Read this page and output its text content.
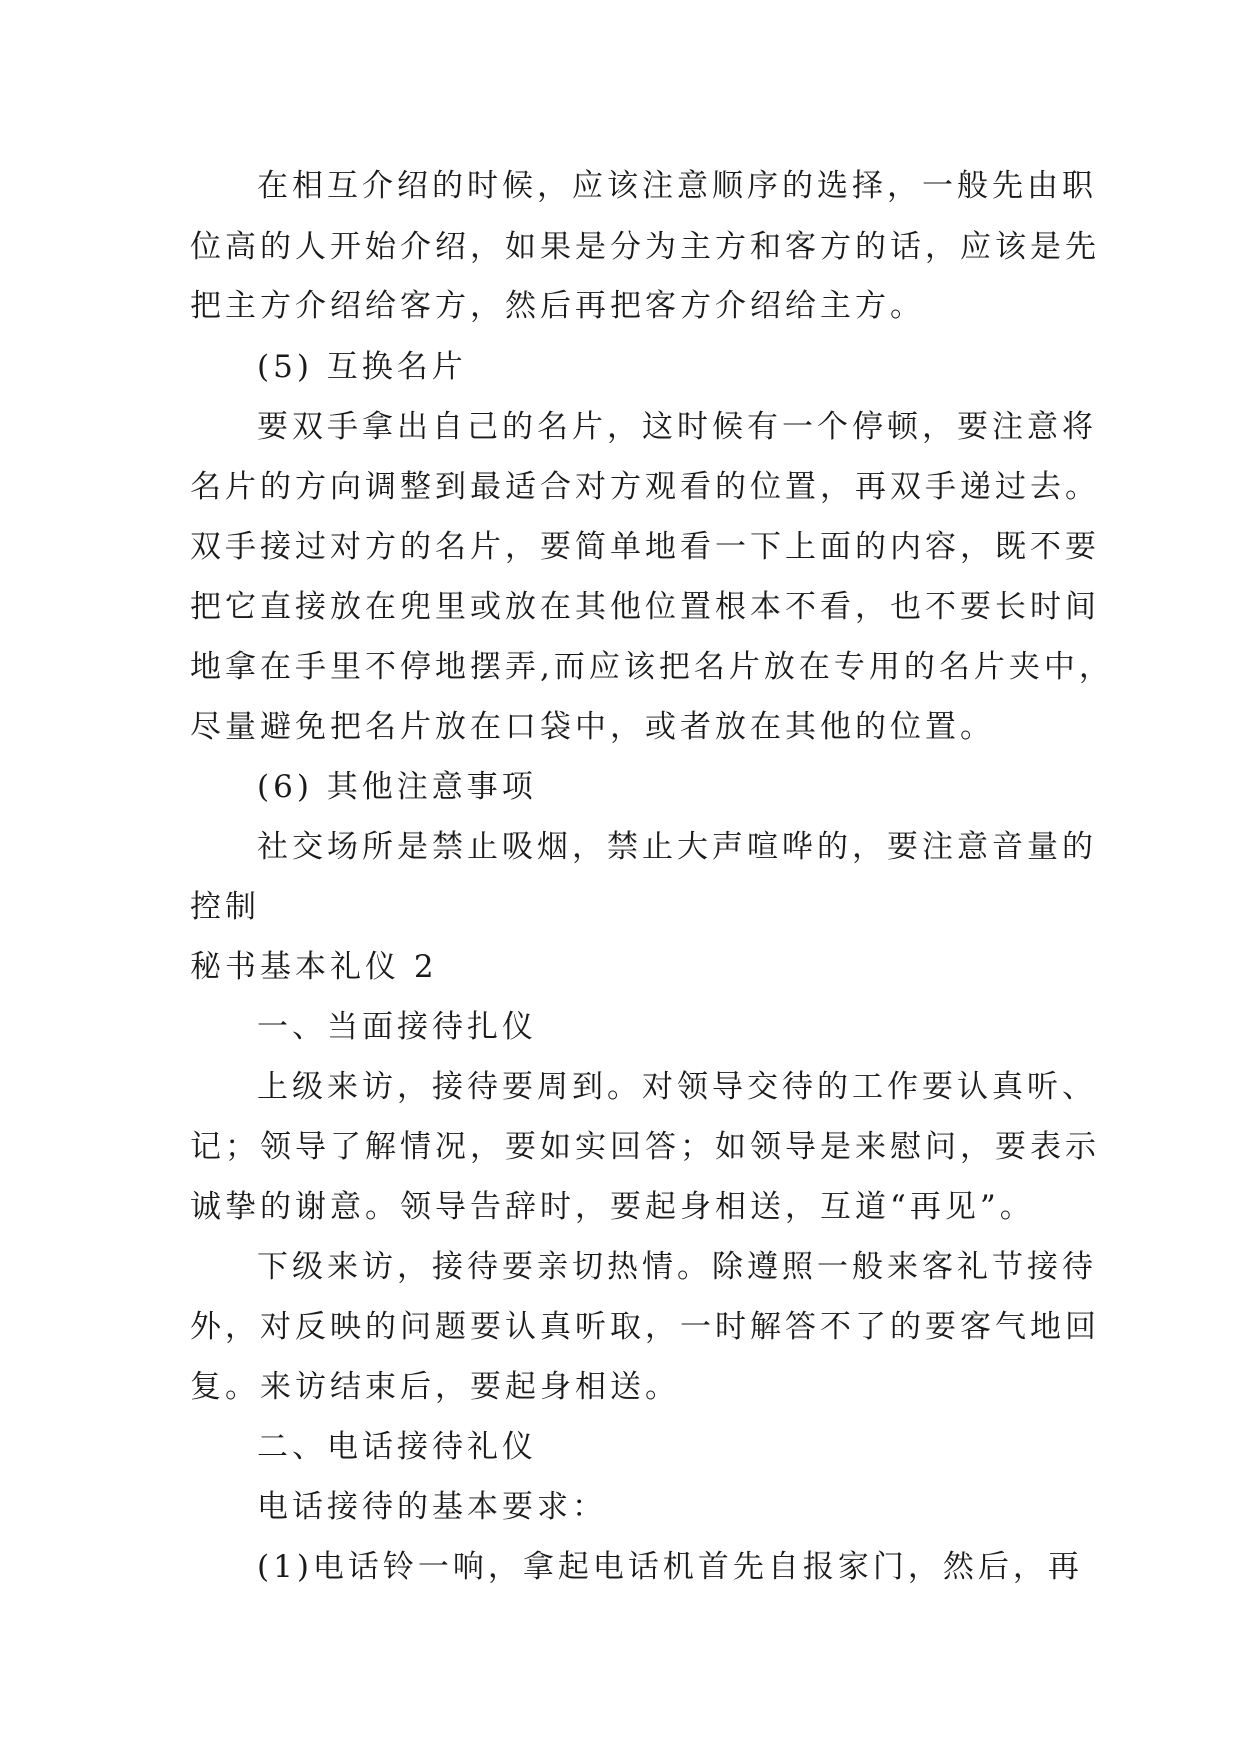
在相互介绍的时候，应该注意顺序的选择，一般先由职
位高的人开始介绍，如果是分为主方和客方的话，应该是先
把主方介绍给客方，然后再把客方介绍给主方。
(5) 互换名片
要双手拿出自己的名片，这时候有一个停顿，要注意将
名片的方向调整到最适合对方观看的位置，再双手递过去。
双手接过对方的名片，要简单地看一下上面的内容，既不要
把它直接放在兜里或放在其他位置根本不看，也不要长时间
地拿在手里不停地摆弄,而应该把名片放在专用的名片夹中，
尽量避免把名片放在口袋中，或者放在其他的位置。
(6) 其他注意事项
社交场所是禁止吸烟，禁止大声喧哗的，要注意音量的
控制
秘书基本礼仪 2
一、当面接待扎仪
上级来访，接待要周到。对领导交待的工作要认真听、
记；领导了解情况，要如实回答；如领导是来慰问，要表示
诚挚的谢意。领导告辞时，要起身相送，互道“再见”。
下级来访，接待要亲切热情。除遵照一般来客礼节接待
外，对反映的问题要认真听取，一时解答不了的要客气地回
复。来访结束后，要起身相送。
二、电话接待礼仪
电话接待的基本要求：
(1)电话铃一响，拿起电话机首先自报家门，然后，再
